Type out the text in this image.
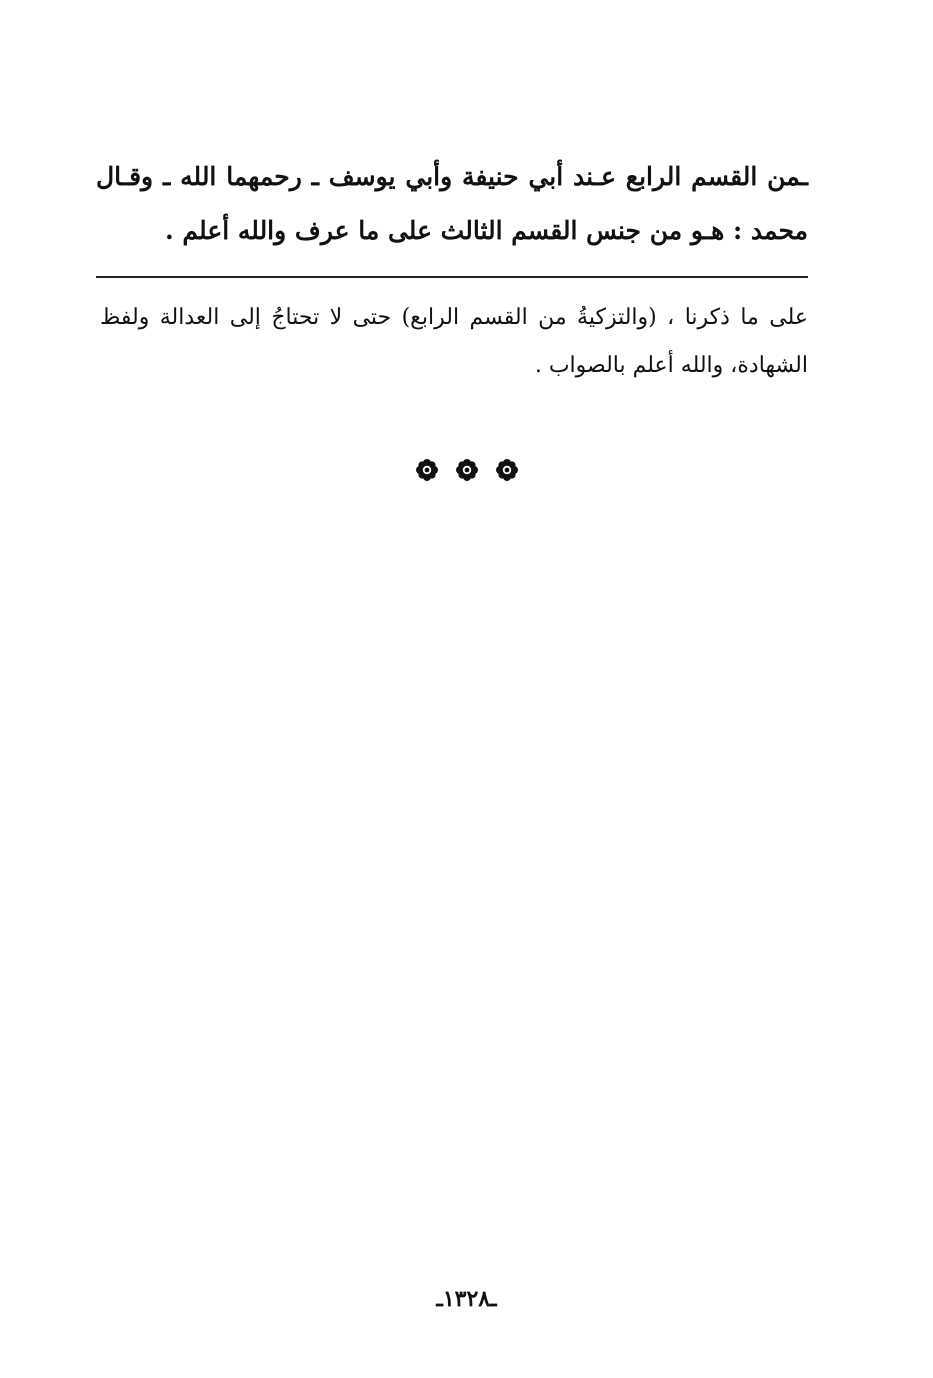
ـمن القسم الرابع عـند أبي حنيفة وأبي يوسف ـ رحمهما الله ـ وقـال
محمد : هـو من جنس القسم الثالث على ما عرف والله أعلم .
على ما ذكرنا ، (والتزكيةُ من القسم الرابع) حتى لا تحتاجُ إلى العدالة ولفظ
الشهادة، والله أعلم بالصواب .

ـ١٣٢٨ـ
